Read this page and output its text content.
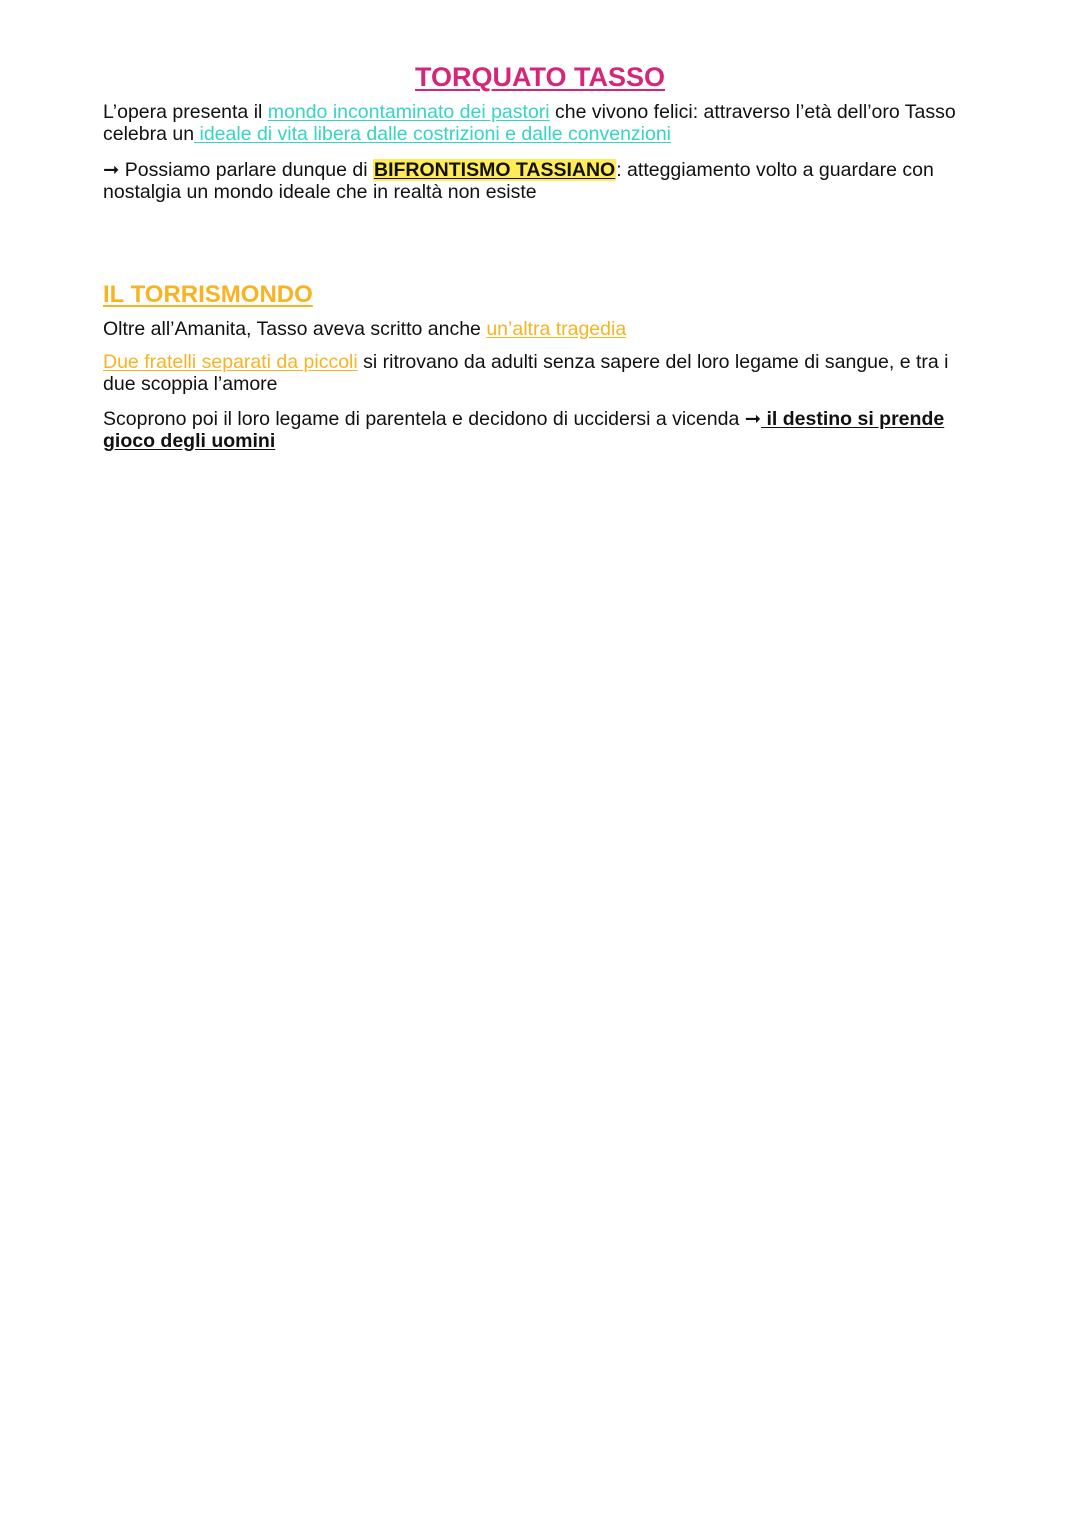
TORQUATO TASSO

L’opera presenta il mondo incontaminato dei pastori che vivono felici: attraverso l’età dell’oro Tasso celebra un ideale di vita libera dalle costrizioni e dalle convenzioni

➞ Possiamo parlare dunque di BIFRONTISMO TASSIANO: atteggiamento volto a guardare con nostalgia un mondo ideale che in realtà non esiste

IL TORRISMONDO

Oltre all’Amanita, Tasso aveva scritto anche un’altra tragedia

Due fratelli separati da piccoli si ritrovano da adulti senza sapere del loro legame di sangue, e tra i due scoppia l’amore

Scoprono poi il loro legame di parentela e decidono di uccidersi a vicenda ➞ il destino si prende gioco degli uomini
